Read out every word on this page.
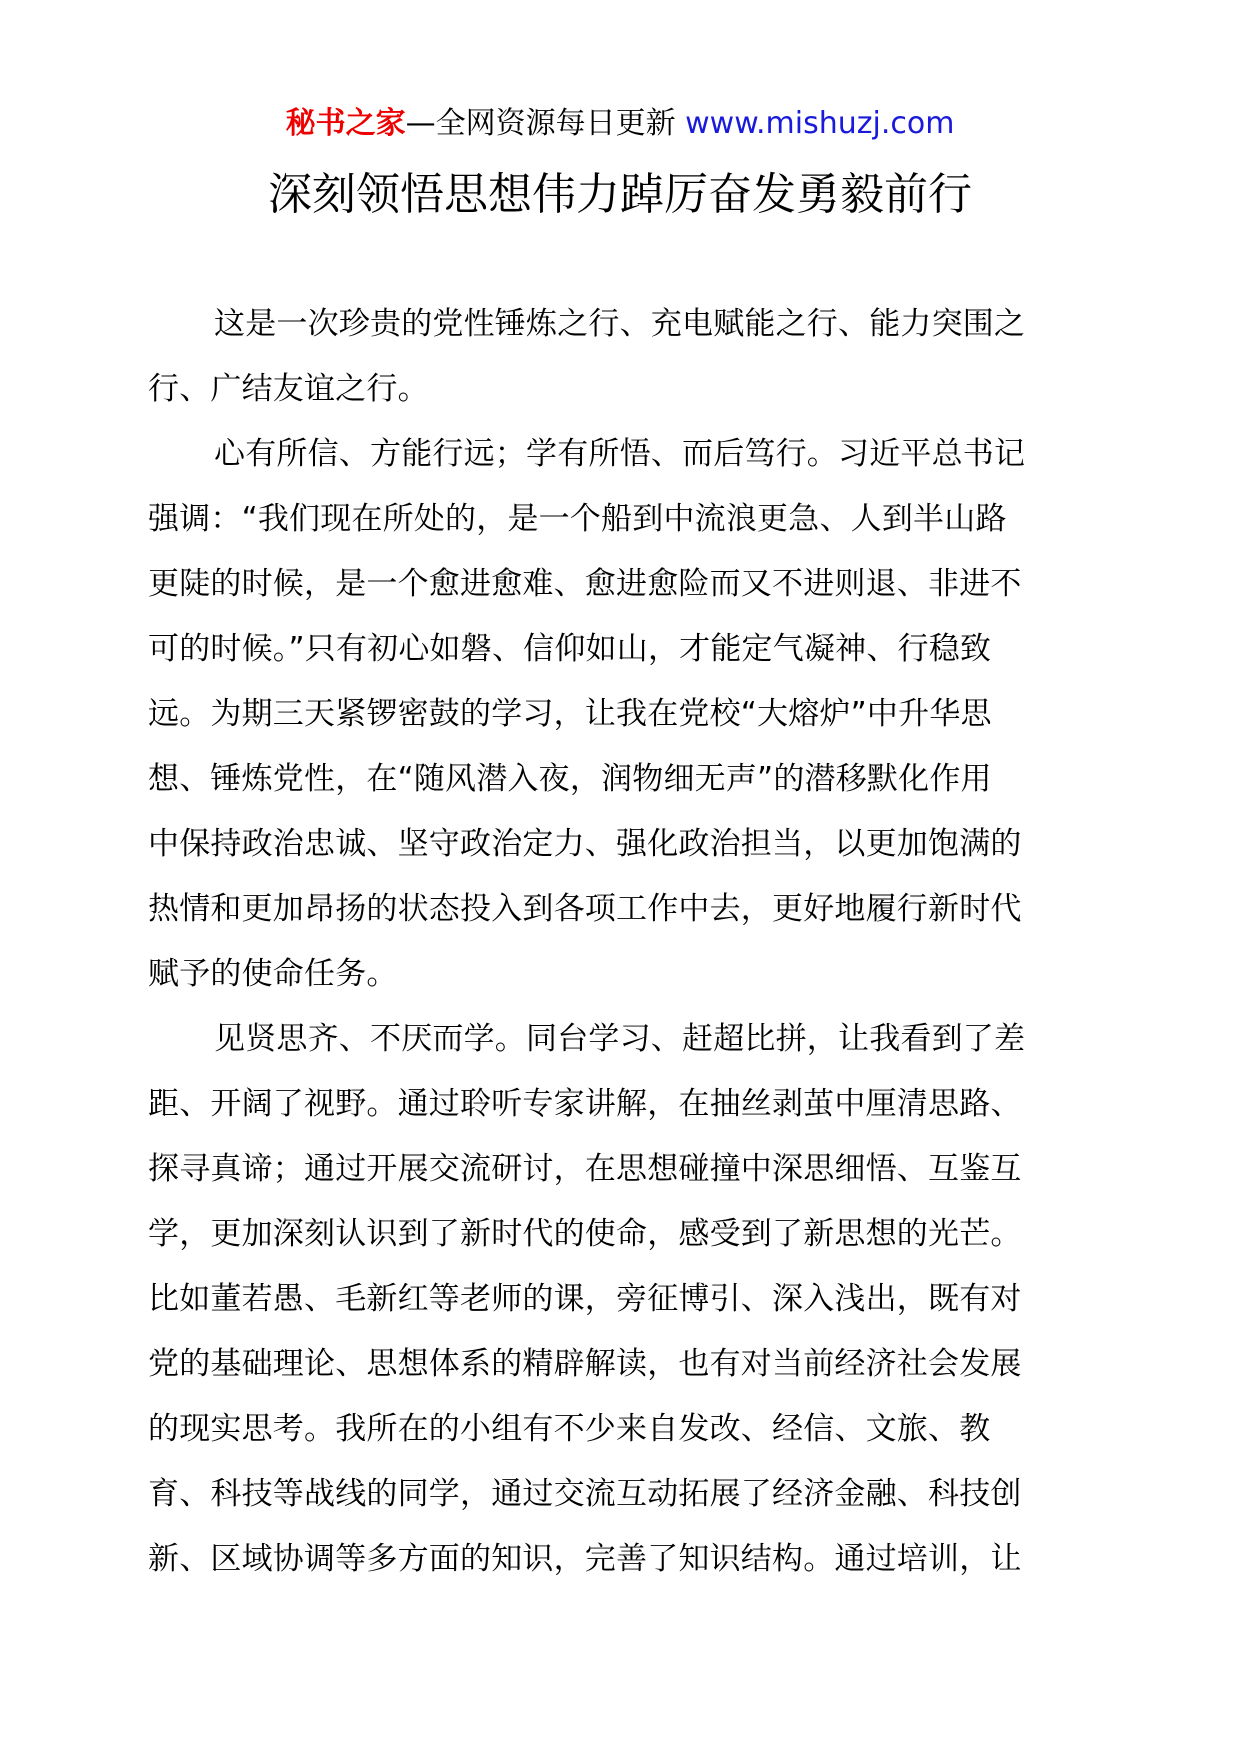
秘书之家—全网资源每日更新 www.mishuzj.com
深刻领悟思想伟力踔厉奋发勇毅前行
这是一次珍贵的党性锤炼之行、充电赋能之行、能力突围之
行、广结友谊之行。
心有所信、方能行远；学有所悟、而后笃行。习近平总书记
强调：“我们现在所处的，是一个船到中流浪更急、人到半山路
更陡的时候，是一个愈进愈难、愈进愈险而又不进则退、非进不
可的时候。”只有初心如磐、信仰如山，才能定气凝神、行稳致
远。为期三天紧锣密鼓的学习，让我在党校“大熔炉”中升华思
想、锤炼党性，在“随风潜入夜，润物细无声”的潜移默化作用
中保持政治忠诚、坚守政治定力、强化政治担当，以更加饱满的
热情和更加昂扬的状态投入到各项工作中去，更好地履行新时代
赋予的使命任务。
见贤思齐、不厌而学。同台学习、赶超比拼，让我看到了差
距、开阔了视野。通过聆听专家讲解，在抽丝剥茧中厘清思路、
探寻真谛；通过开展交流研讨，在思想碰撞中深思细悟、互鉴互
学，更加深刻认识到了新时代的使命，感受到了新思想的光芒。
比如董若愚、毛新红等老师的课，旁征博引、深入浅出，既有对
党的基础理论、思想体系的精辟解读，也有对当前经济社会发展
的现实思考。我所在的小组有不少来自发改、经信、文旅、教
育、科技等战线的同学，通过交流互动拓展了经济金融、科技创
新、区域协调等多方面的知识，完善了知识结构。通过培训，让
